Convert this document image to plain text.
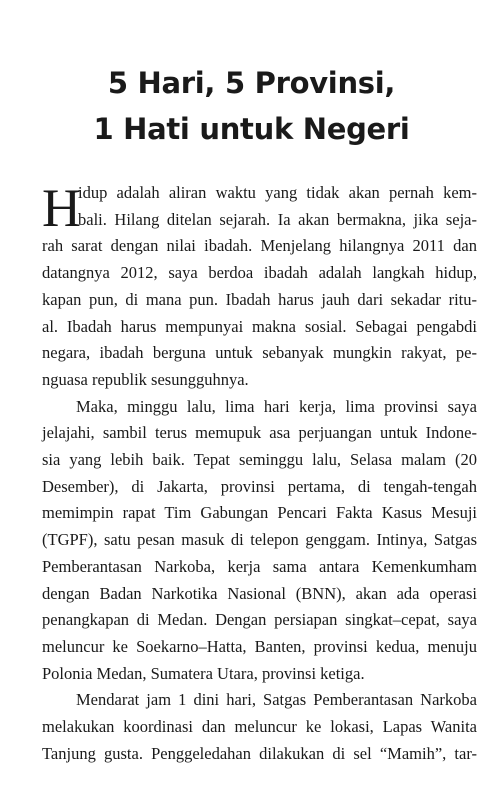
5 Hari, 5 Provinsi,
1 Hati untuk Negeri
H
idup adalah aliran waktu yang tidak akan pernah kem-
bali. Hilang ditelan sejarah. Ia akan bermakna, jika seja-
rah sarat dengan nilai ibadah. Menjelang hilangnya 2011 dan
datangnya 2012, saya berdoa ibadah adalah langkah hidup,
kapan pun, di mana pun. Ibadah harus jauh dari sekadar ritu-
al. Ibadah harus mempunyai makna sosial. Sebagai pengabdi
negara, ibadah berguna untuk sebanyak mungkin rakyat, pe-
nguasa republik sesungguhnya.
Maka, minggu lalu, lima hari kerja, lima provinsi saya
jelajahi, sambil terus memupuk asa perjuangan untuk Indone-
sia yang lebih baik. Tepat seminggu lalu, Selasa malam (20
Desember), di Jakarta, provinsi pertama, di tengah-tengah
memimpin rapat Tim Gabungan Pencari Fakta Kasus Mesuji
(TGPF), satu pesan masuk di telepon genggam. Intinya, Satgas
Pemberantasan Narkoba, kerja sama antara Kemenkumham
dengan Badan Narkotika Nasional (BNN), akan ada operasi
penangkapan di Medan. Dengan persiapan singkat–cepat, saya
meluncur ke Soekarno–Hatta, Banten, provinsi kedua, menuju
Polonia Medan, Sumatera Utara, provinsi ketiga.
Mendarat jam 1 dini hari, Satgas Pemberantasan Narkoba
melakukan koordinasi dan meluncur ke lokasi, Lapas Wanita
Tanjung gusta. Penggeledahan dilakukan di sel “Mamih”, tar-
